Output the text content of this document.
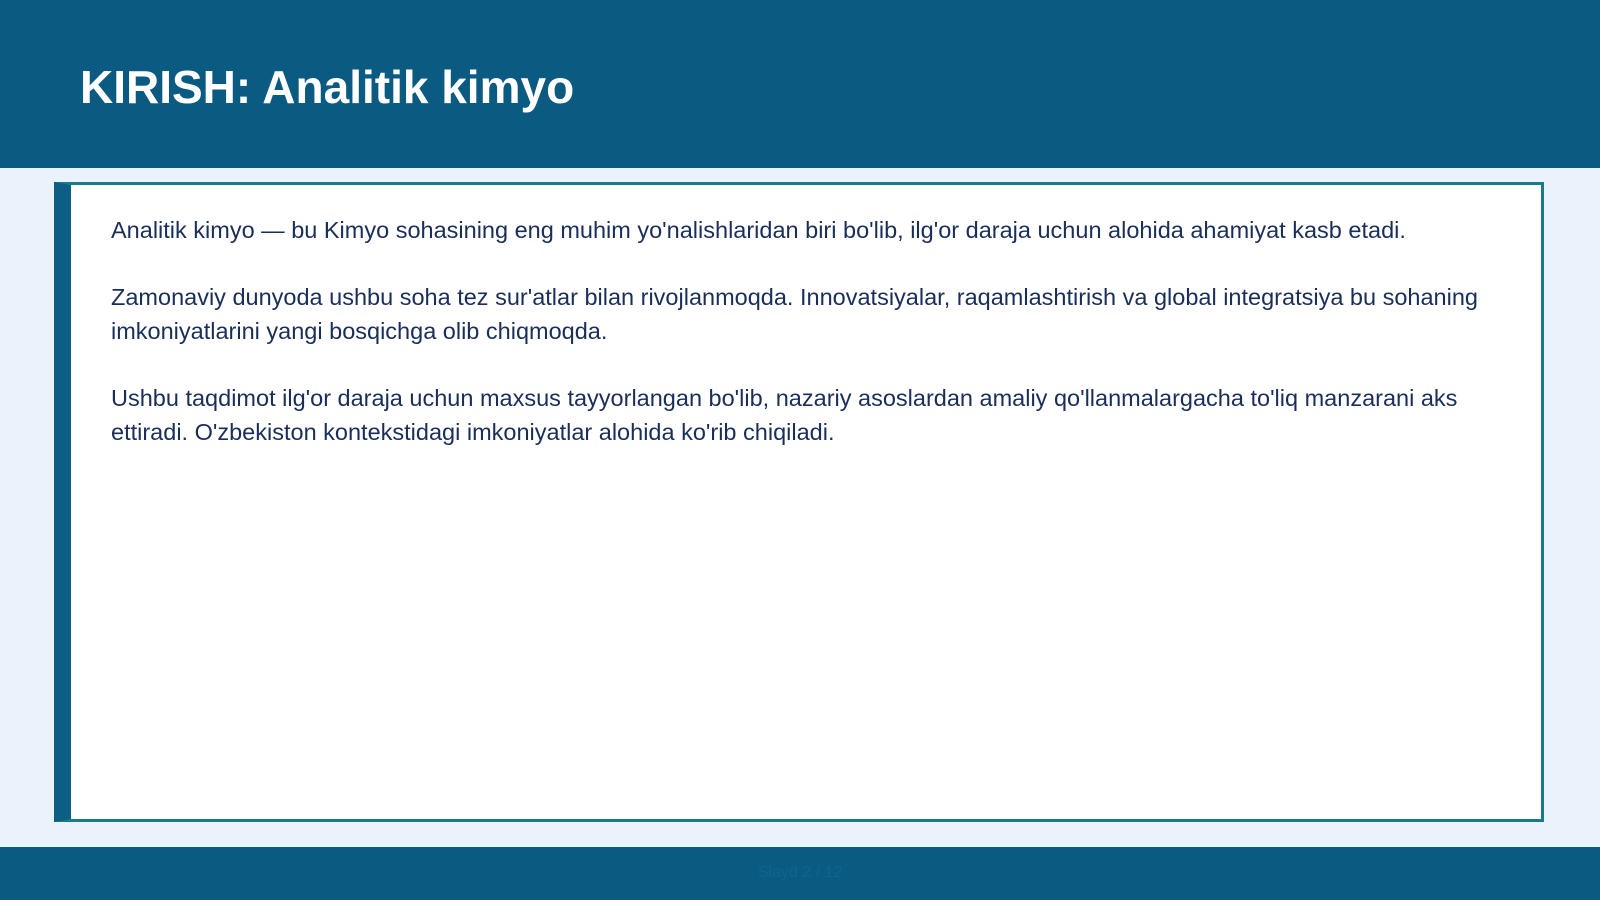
KIRISH: Analitik kimyo

Analitik kimyo — bu Kimyo sohasining eng muhim yo'nalishlaridan biri bo'lib, ilg'or daraja uchun alohida ahamiyat kasb etadi.

Zamonaviy dunyoda ushbu soha tez sur'atlar bilan rivojlanmoqda. Innovatsiyalar, raqamlashtirish va global integratsiya bu sohaning imkoniyatlarini yangi bosqichga olib chiqmoqda.

Ushbu taqdimot ilg'or daraja uchun maxsus tayyorlangan bo'lib, nazariy asoslardan amaliy qo'llanmalargacha to'liq manzarani aks ettiradi. O'zbekiston kontekstidagi imkoniyatlar alohida ko'rib chiqiladi.

Slayd 2 / 12
